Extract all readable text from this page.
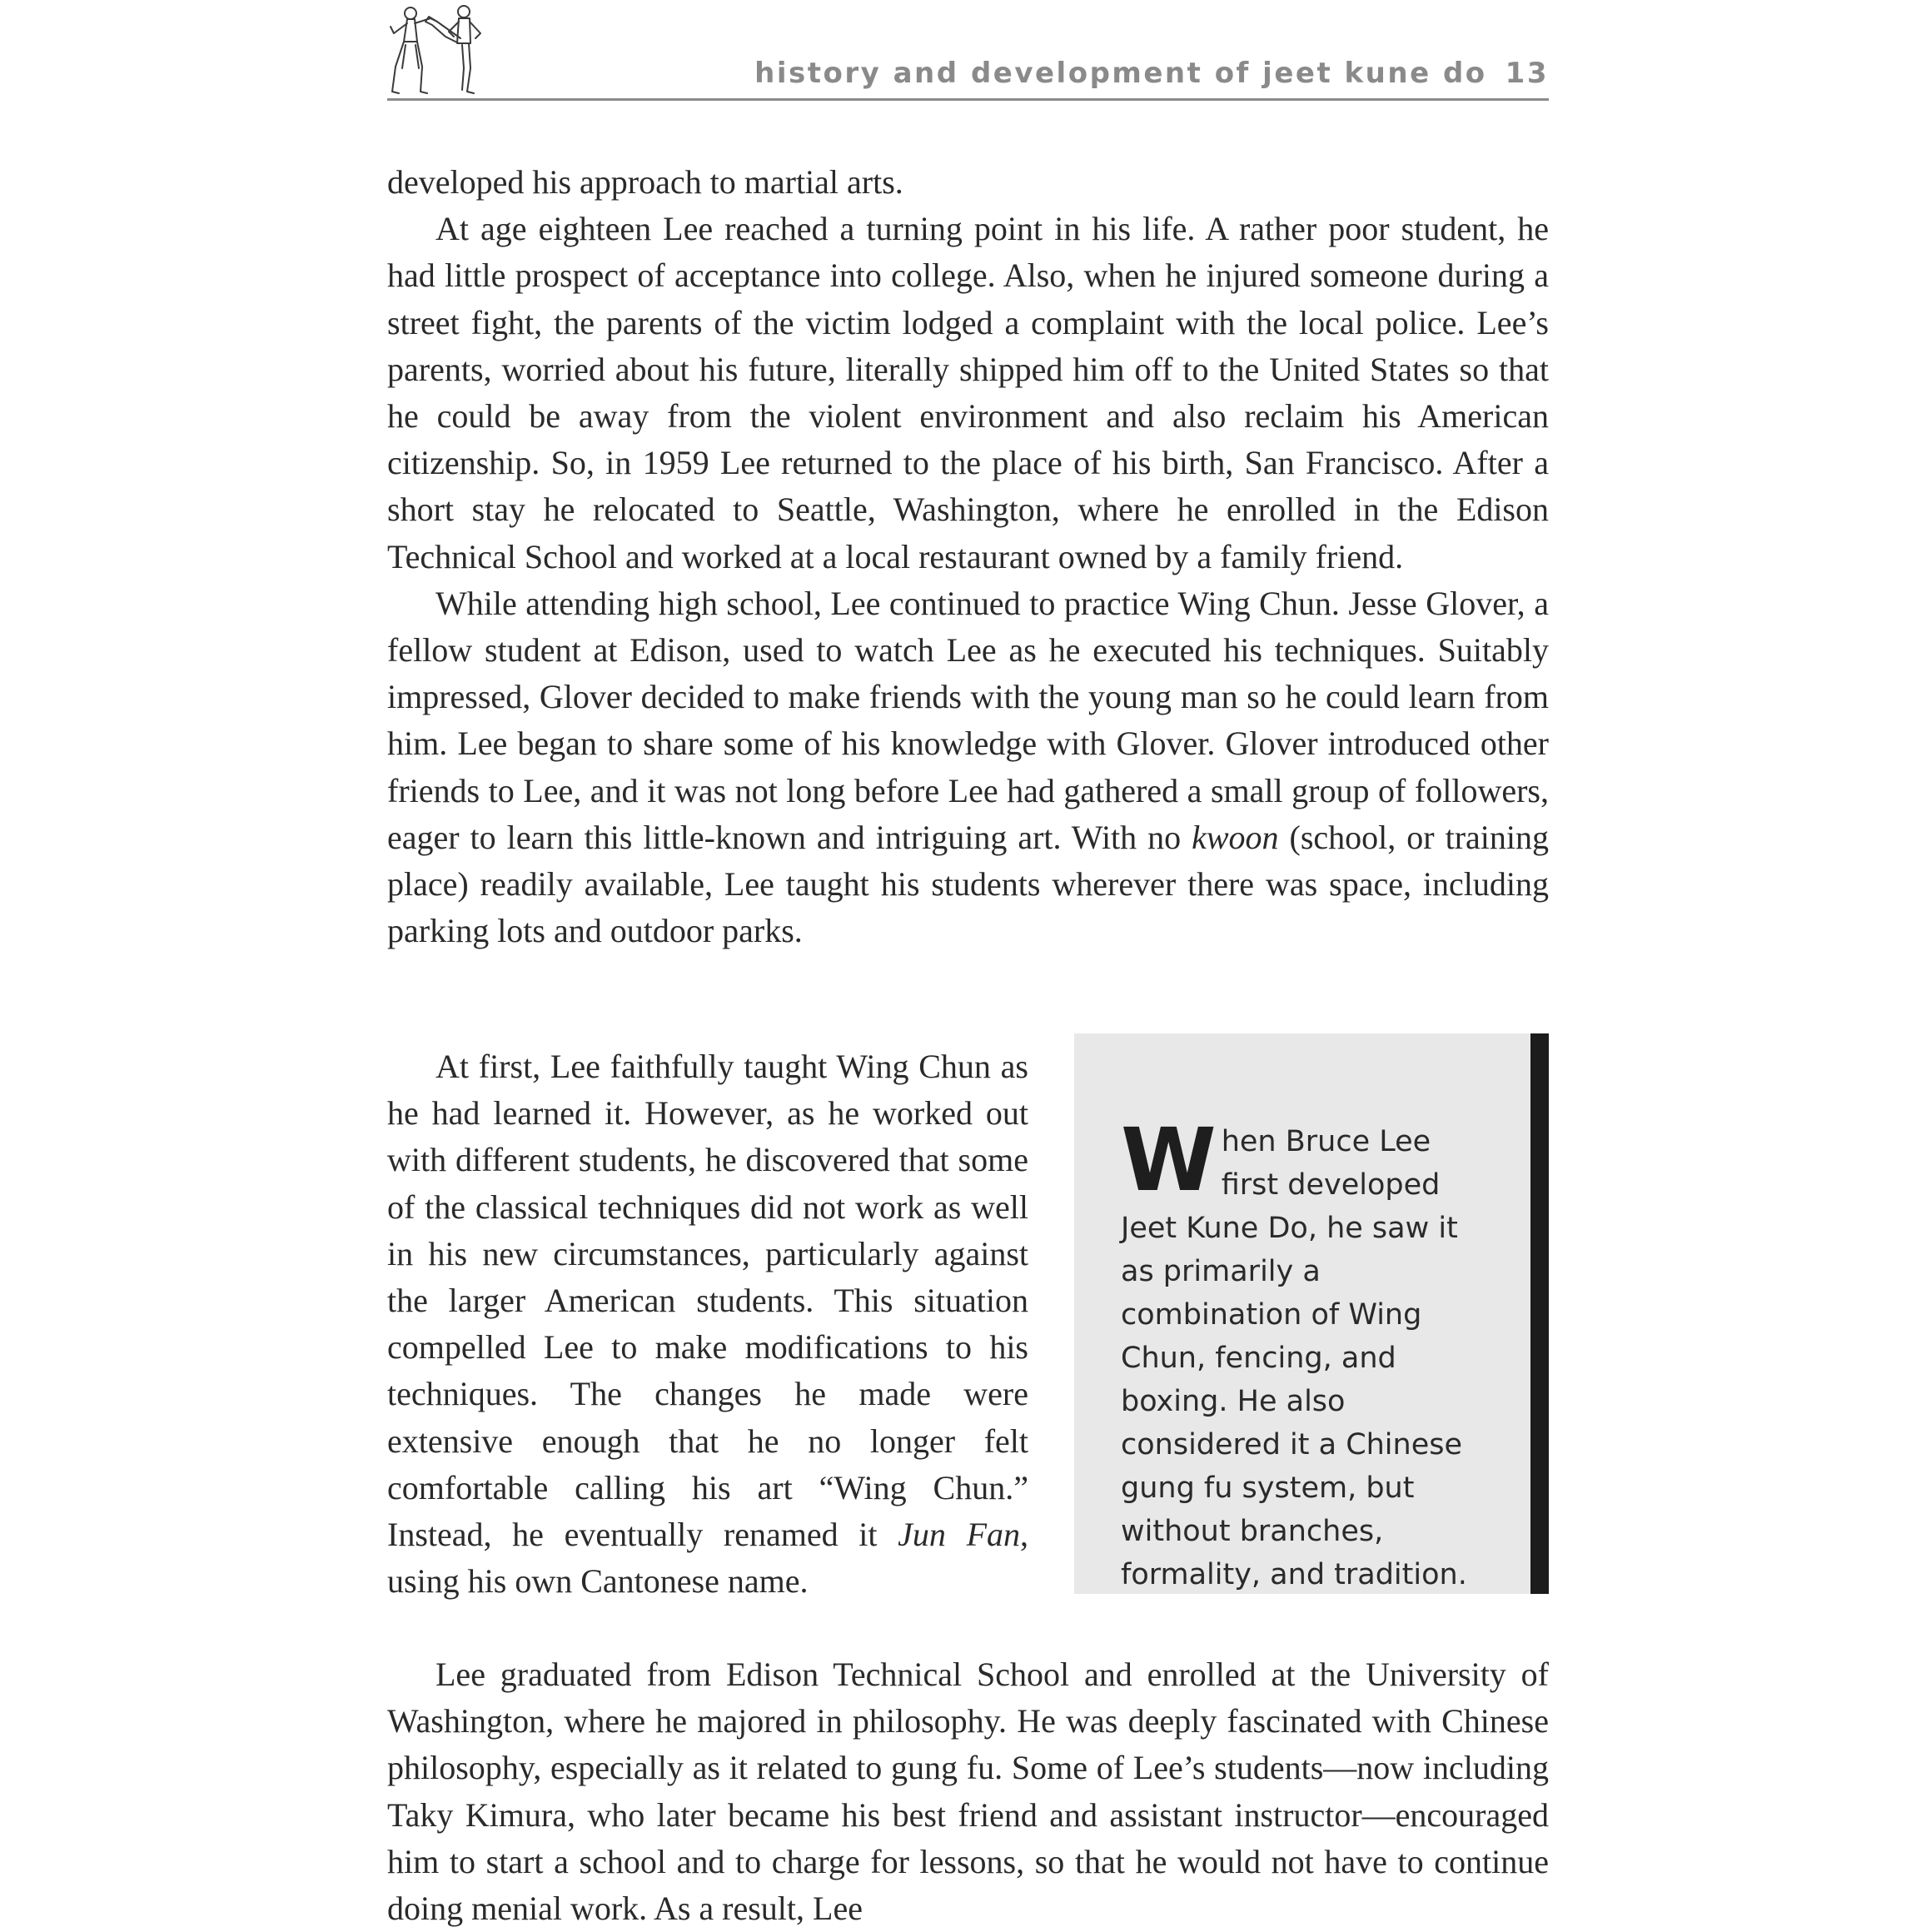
history and development of jeet kune do 13

developed his approach to martial arts.

At age eighteen Lee reached a turning point in his life. A rather poor student, he had little prospect of acceptance into college. Also, when he injured someone during a street fight, the parents of the victim lodged a complaint with the local police. Lee’s parents, worried about his future, literally shipped him off to the United States so that he could be away from the violent environment and also reclaim his American citizenship. So, in 1959 Lee returned to the place of his birth, San Francisco. After a short stay he relocated to Seattle, Washington, where he enrolled in the Edison Technical School and worked at a local restaurant owned by a family friend.

While attending high school, Lee continued to practice Wing Chun. Jesse Glover, a fellow student at Edison, used to watch Lee as he executed his techniques. Suitably impressed, Glover decided to make friends with the young man so he could learn from him. Lee began to share some of his knowledge with Glover. Glover introduced other friends to Lee, and it was not long before Lee had gathered a small group of followers, eager to learn this little-known and intriguing art. With no kwoon (school, or training place) readily available, Lee taught his students wherever there was space, including parking lots and outdoor parks.

At first, Lee faithfully taught Wing Chun as he had learned it. However, as he worked out with different students, he discovered that some of the classical techniques did not work as well in his new circumstances, particularly against the larger American students. This situation compelled Lee to make modifications to his techniques. The changes he made were extensive enough that he no longer felt comfortable calling his art “Wing Chun.” Instead, he eventually renamed it Jun Fan, using his own Cantonese name.

When Bruce Lee first developed Jeet Kune Do, he saw it as primarily a combination of Wing Chun, fencing, and boxing. He also considered it a Chinese gung fu system, but without branches, formality, and tradition.

Lee graduated from Edison Technical School and enrolled at the University of Washington, where he majored in philosophy. He was deeply fascinated with Chinese philosophy, especially as it related to gung fu. Some of Lee’s students—now including Taky Kimura, who later became his best friend and assistant instructor—encouraged him to start a school and to charge for lessons, so that he would not have to continue doing menial work. As a result, Lee
